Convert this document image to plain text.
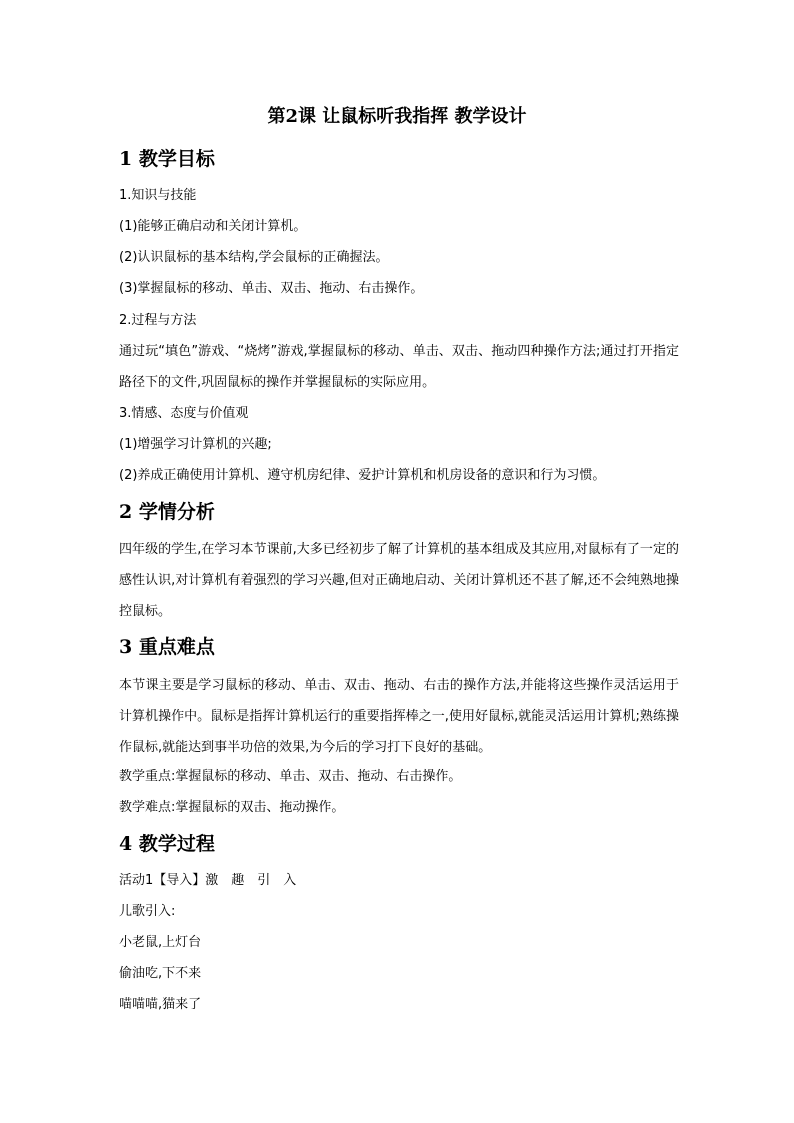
第2课 让鼠标听我指挥 教学设计
1 教学目标
1.知识与技能
(1)能够正确启动和关闭计算机。
(2)认识鼠标的基本结构,学会鼠标的正确握法。
(3)掌握鼠标的移动、单击、双击、拖动、右击操作。
2.过程与方法
通过玩“填色”游戏、“烧烤”游戏,掌握鼠标的移动、单击、双击、拖动四种操作方法;通过打开指定路径下的文件,巩固鼠标的操作并掌握鼠标的实际应用。
3.情感、态度与价值观
(1)增强学习计算机的兴趣;
(2)养成正确使用计算机、遵守机房纪律、爱护计算机和机房设备的意识和行为习惯。
2 学情分析
四年级的学生,在学习本节课前,大多已经初步了解了计算机的基本组成及其应用,对鼠标有了一定的感性认识,对计算机有着强烈的学习兴趣,但对正确地启动、关闭计算机还不甚了解,还不会纯熟地操控鼠标。
3 重点难点
本节课主要是学习鼠标的移动、单击、双击、拖动、右击的操作方法,并能将这些操作灵活运用于计算机操作中。鼠标是指挥计算机运行的重要指挥棒之一,使用好鼠标,就能灵活运用计算机;熟练操作鼠标,就能达到事半功倍的效果,为今后的学习打下良好的基础。
教学重点:掌握鼠标的移动、单击、双击、拖动、右击操作。
教学难点:掌握鼠标的双击、拖动操作。
4 教学过程
活动1【导入】激　趣　引　入
儿歌引入:
小老鼠,上灯台
偷油吃,下不来
喵喵喵,猫来了
